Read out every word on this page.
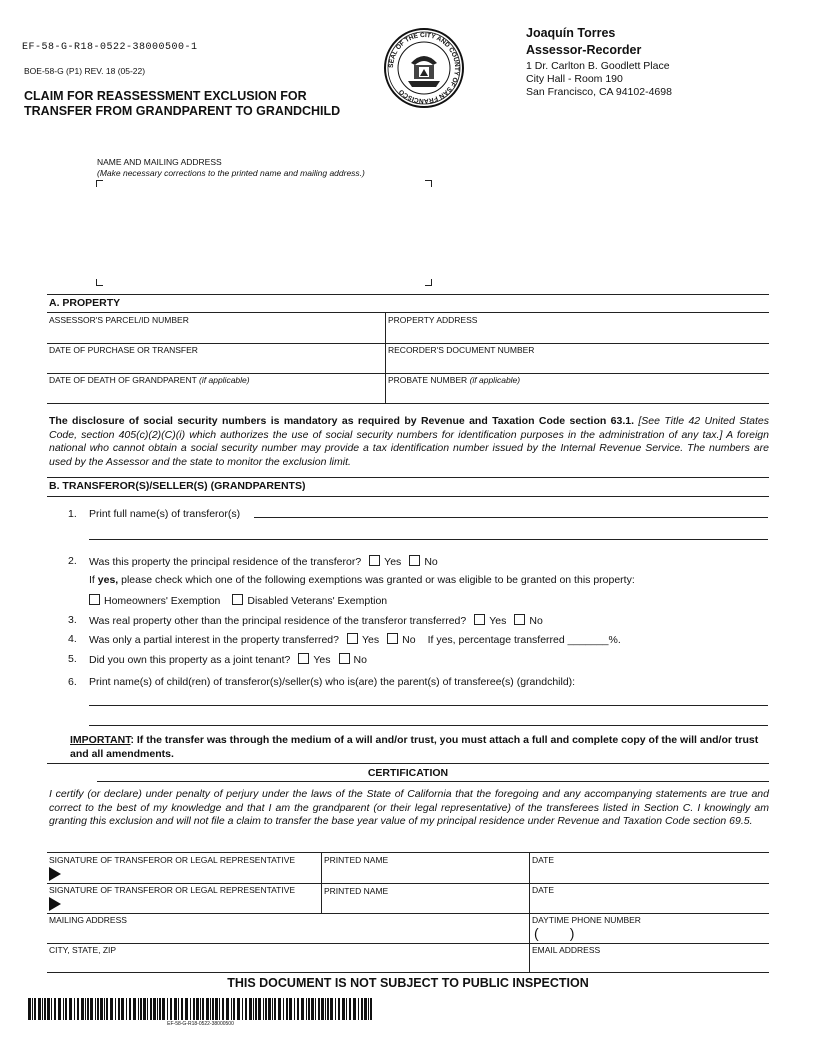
EF-58-G-R18-0522-38000500-1
BOE-58-G (P1) REV. 18 (05-22)
CLAIM FOR REASSESSMENT EXCLUSION FOR
TRANSFER FROM GRANDPARENT TO GRANDCHILD
SEAL OF THE CITY AND COUNTY OF SAN FRANCISCO
Joaquín Torres
Assessor-Recorder
1 Dr. Carlton B. Goodlett Place
City Hall - Room 190
San Francisco, CA 94102-4698
NAME AND MAILING ADDRESS
(Make necessary corrections to the printed name and mailing address.)
A. PROPERTY
ASSESSOR'S PARCEL/ID NUMBER	PROPERTY ADDRESS
DATE OF PURCHASE OR TRANSFER	RECORDER'S DOCUMENT NUMBER
DATE OF DEATH OF GRANDPARENT (if applicable)	PROBATE NUMBER (if applicable)
The disclosure of social security numbers is mandatory as required by Revenue and Taxation Code section 63.1. [See Title 42 United States Code, section 405(c)(2)(C)(i) which authorizes the use of social security numbers for identification purposes in the administration of any tax.] A foreign national who cannot obtain a social security number may provide a tax identification number issued by the Internal Revenue Service. The numbers are used by the Assessor and the state to monitor the exclusion limit.
B. TRANSFEROR(S)/SELLER(S) (GRANDPARENTS)
1. Print full name(s) of transferor(s)
2. Was this property the principal residence of the transferor? Yes No
If yes, please check which one of the following exemptions was granted or was eligible to be granted on this property:
Homeowners' Exemption	Disabled Veterans' Exemption
3. Was real property other than the principal residence of the transferor transferred? Yes No
4. Was only a partial interest in the property transferred? Yes No If yes, percentage transferred _______%.
5. Did you own this property as a joint tenant? Yes No
6. Print name(s) of child(ren) of transferor(s)/seller(s) who is(are) the parent(s) of transferee(s) (grandchild):
IMPORTANT: If the transfer was through the medium of a will and/or trust, you must attach a full and complete copy of the will and/or trust and all amendments.
CERTIFICATION
I certify (or declare) under penalty of perjury under the laws of the State of California that the foregoing and any accompanying statements are true and correct to the best of my knowledge and that I am the grandparent (or their legal representative) of the transferees listed in Section C. I knowingly am granting this exclusion and will not file a claim to transfer the base year value of my principal residence under Revenue and Taxation Code section 69.5.
SIGNATURE OF TRANSFEROR OR LEGAL REPRESENTATIVE	PRINTED NAME	DATE
SIGNATURE OF TRANSFEROR OR LEGAL REPRESENTATIVE	PRINTED NAME	DATE
MAILING ADDRESS	DAYTIME PHONE NUMBER
(        )
CITY, STATE, ZIP	EMAIL ADDRESS
THIS DOCUMENT IS NOT SUBJECT TO PUBLIC INSPECTION
EF-58-G-R18-0522-38000500
